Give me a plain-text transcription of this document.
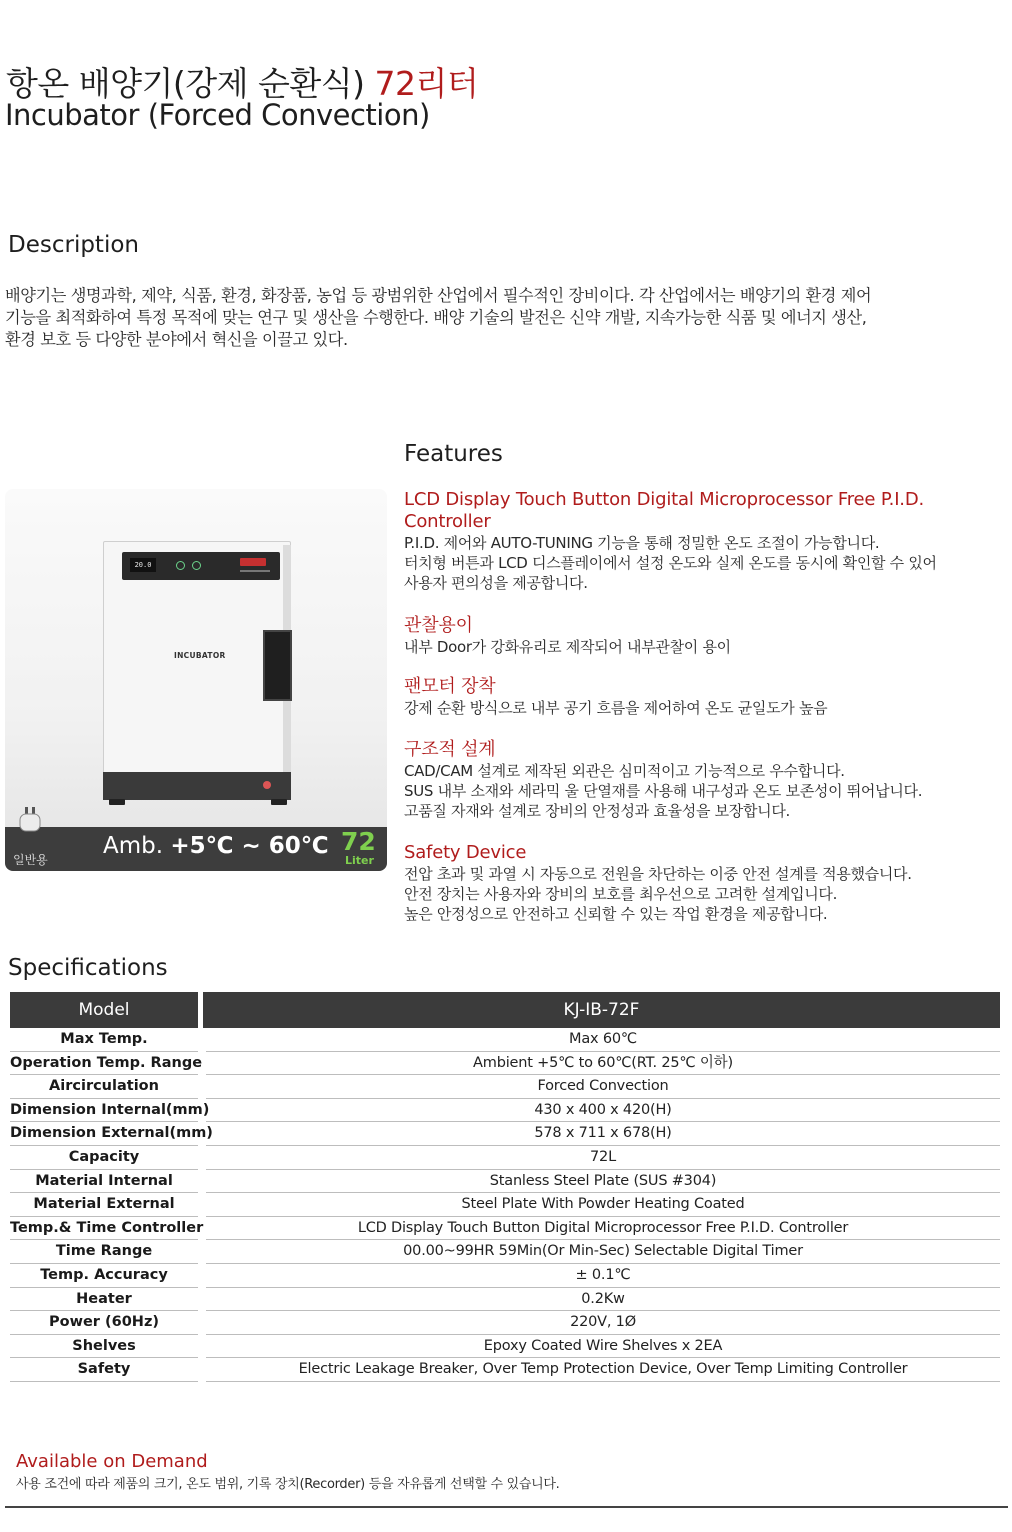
항온 배양기(강제 순환식) 72리터
Incubator (Forced Convection)
Description
배양기는 생명과학, 제약, 식품, 환경, 화장품, 농업 등 광범위한 산업에서 필수적인 장비이다. 각 산업에서는 배양기의 환경 제어
기능을 최적화하여 특정 목적에 맞는 연구 및 생산을 수행한다. 배양 기술의 발전은 신약 개발, 지속가능한 식품 및 에너지 생산,
환경 보호 등 다양한 분야에서 혁신을 이끌고 있다.
20.0
INCUBATOR
일반용
Amb. +5℃ ~ 60℃ 72
Liter
Features
LCD Display Touch Button Digital Microprocessor Free P.I.D. Controller
P.I.D. 제어와 AUTO-TUNING 기능을 통해 정밀한 온도 조절이 가능합니다.
터치형 버튼과 LCD 디스플레이에서 설정 온도와 실제 온도를 동시에 확인할 수 있어
사용자 편의성을 제공합니다.
관찰용이
내부 Door가 강화유리로 제작되어 내부관찰이 용이
팬모터 장착
강제 순환 방식으로 내부 공기 흐름을 제어하여 온도 균일도가 높음
구조적 설계
CAD/CAM 설계로 제작된 외관은 심미적이고 기능적으로 우수합니다.
SUS 내부 소재와 세라믹 울 단열재를 사용해 내구성과 온도 보존성이 뛰어납니다.
고품질 자재와 설계로 장비의 안정성과 효율성을 보장합니다.
Safety Device
전압 초과 및 과열 시 자동으로 전원을 차단하는 이중 안전 설계를 적용했습니다.
안전 장치는 사용자와 장비의 보호를 최우선으로 고려한 설계입니다.
높은 안정성으로 안전하고 신뢰할 수 있는 작업 환경을 제공합니다.
Specifications
Model	KJ-IB-72F
Max Temp.	Max 60℃
Operation Temp. Range	Ambient +5℃ to 60℃(RT. 25℃ 이하)
Aircirculation	Forced Convection
Dimension Internal(mm)	430 x 400 x 420(H)
Dimension External(mm)	578 x 711 x 678(H)
Capacity	72L
Material Internal	Stanless Steel Plate (SUS #304)
Material External	Steel Plate With Powder Heating Coated
Temp.& Time Controller	LCD Display Touch Button Digital Microprocessor Free P.I.D. Controller
Time Range	00.00~99HR 59Min(Or Min-Sec) Selectable Digital Timer
Temp. Accuracy	± 0.1℃
Heater	0.2Kw
Power (60Hz)	220V, 1Ø
Shelves	Epoxy Coated Wire Shelves x 2EA
Safety	Electric Leakage Breaker, Over Temp Protection Device, Over Temp Limiting Controller
Available on Demand
사용 조건에 따라 제품의 크기, 온도 범위, 기록 장치(Recorder) 등을 자유롭게 선택할 수 있습니다.
